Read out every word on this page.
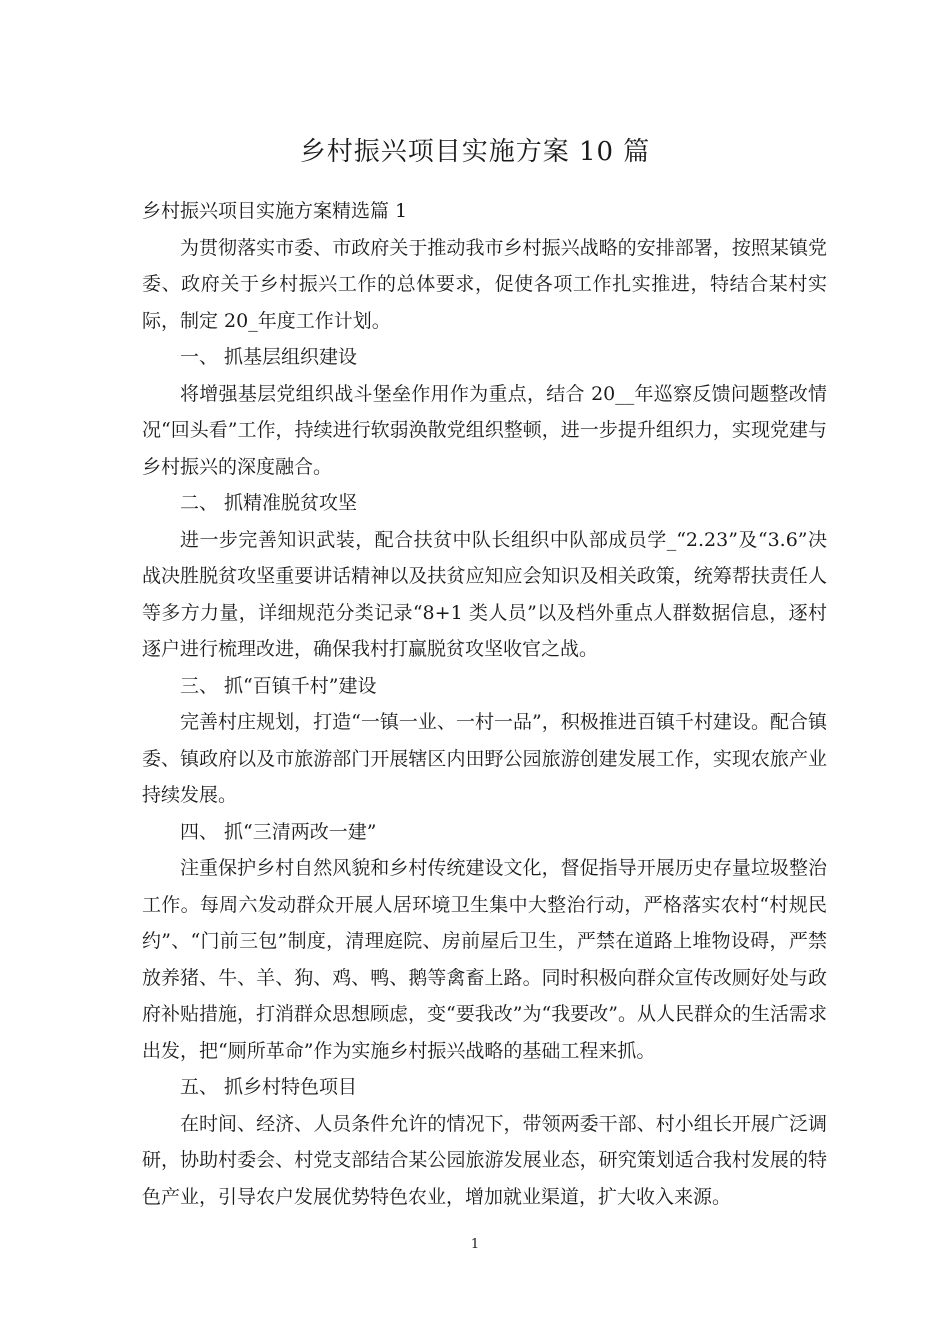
乡村振兴项目实施方案 10 篇

乡村振兴项目实施方案精选篇 1

为贯彻落实市委、市政府关于推动我市乡村振兴战略的安排部署，按照某镇党委、政府关于乡村振兴工作的总体要求，促使各项工作扎实推进，特结合某村实际，制定 20_年度工作计划。

一、 抓基层组织建设

将增强基层党组织战斗堡垒作用作为重点，结合 20__年巡察反馈问题整改情况“回头看”工作，持续进行软弱涣散党组织整顿，进一步提升组织力，实现党建与乡村振兴的深度融合。

二、 抓精准脱贫攻坚

进一步完善知识武装，配合扶贫中队长组织中队部成员学_“2.23”及“3.6”决战决胜脱贫攻坚重要讲话精神以及扶贫应知应会知识及相关政策，统筹帮扶责任人等多方力量，详细规范分类记录“8+1 类人员”以及档外重点人群数据信息，逐村逐户进行梳理改进，确保我村打赢脱贫攻坚收官之战。

三、 抓“百镇千村”建设

完善村庄规划，打造“一镇一业、一村一品”，积极推进百镇千村建设。配合镇委、镇政府以及市旅游部门开展辖区内田野公园旅游创建发展工作，实现农旅产业持续发展。

四、 抓“三清两改一建”

注重保护乡村自然风貌和乡村传统建设文化，督促指导开展历史存量垃圾整治工作。每周六发动群众开展人居环境卫生集中大整治行动，严格落实农村“村规民约”、“门前三包”制度，清理庭院、房前屋后卫生，严禁在道路上堆物设碍，严禁放养猪、牛、羊、狗、鸡、鸭、鹅等禽畜上路。同时积极向群众宣传改厕好处与政府补贴措施，打消群众思想顾虑，变“要我改”为“我要改”。从人民群众的生活需求出发，把“厕所革命”作为实施乡村振兴战略的基础工程来抓。

五、 抓乡村特色项目

在时间、经济、人员条件允许的情况下，带领两委干部、村小组长开展广泛调研，协助村委会、村党支部结合某公园旅游发展业态，研究策划适合我村发展的特色产业，引导农户发展优势特色农业，增加就业渠道，扩大收入来源。

1
